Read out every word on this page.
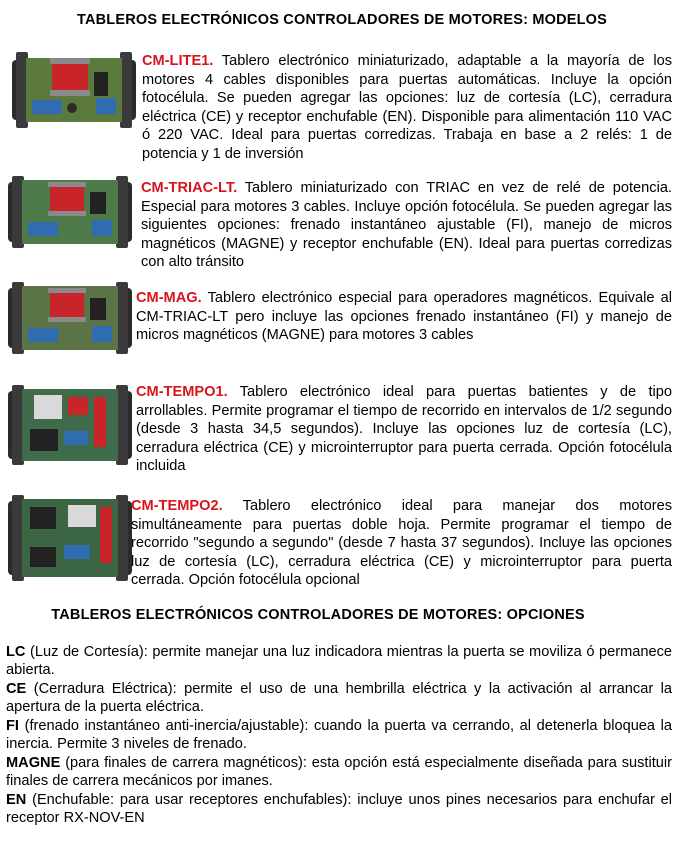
TABLEROS ELECTRÓNICOS CONTROLADORES DE MOTORES: MODELOS
CM-LITE1. Tablero electrónico miniaturizado, adaptable a la mayoría de los motores 4 cables disponibles para puertas automáticas. Incluye la opción fotocélula. Se pueden agregar las opciones: luz de cortesía (LC), cerradura eléctrica (CE) y receptor enchufable (EN). Disponible para alimentación 110 VAC ó 220 VAC. Ideal para puertas corredizas. Trabaja en base a 2 relés: 1 de potencia y 1 de inversión
CM-TRIAC-LT. Tablero miniaturizado con TRIAC en vez de relé de potencia. Especial para motores 3 cables. Incluye opción fotocélula. Se pueden agregar las siguientes opciones: frenado instantáneo ajustable (FI), manejo de micros magnéticos (MAGNE) y receptor enchufable (EN). Ideal para puertas corredizas con alto tránsito
CM-MAG. Tablero electrónico especial para operadores magnéticos. Equivale al CM-TRIAC-LT pero incluye las opciones frenado instantáneo (FI) y manejo de micros magnéticos (MAGNE) para motores 3 cables
CM-TEMPO1. Tablero electrónico ideal para puertas batientes y de tipo arrollables. Permite programar el tiempo de recorrido en intervalos de 1/2 segundo (desde 3 hasta 34,5 segundos). Incluye las opciones luz de cortesía (LC), cerradura eléctrica (CE) y microinterruptor para puerta cerrada. Opción fotocélula incluida
CM-TEMPO2. Tablero electrónico ideal para manejar dos motores simultáneamente para puertas doble hoja. Permite programar el tiempo de recorrido "segundo a segundo" (desde 7 hasta 37 segundos). Incluye las opciones luz de cortesía (LC), cerradura eléctrica (CE) y microinterruptor para puerta cerrada. Opción fotocélula opcional
TABLEROS ELECTRÓNICOS CONTROLADORES DE MOTORES: OPCIONES
LC (Luz de Cortesía): permite manejar una luz indicadora mientras la puerta se moviliza ó permanece abierta.
CE (Cerradura Eléctrica): permite el uso de una hembrilla eléctrica y la activación al arrancar la apertura de la puerta eléctrica.
FI (frenado instantáneo anti-inercia/ajustable): cuando la puerta va cerrando, al detenerla bloquea la inercia. Permite 3 niveles de frenado.
MAGNE (para finales de carrera magnéticos): esta opción está especialmente diseñada para sustituir finales de carrera mecánicos por imanes.
EN (Enchufable: para usar receptores enchufables): incluye unos pines necesarios para enchufar el receptor RX-NOV-EN
